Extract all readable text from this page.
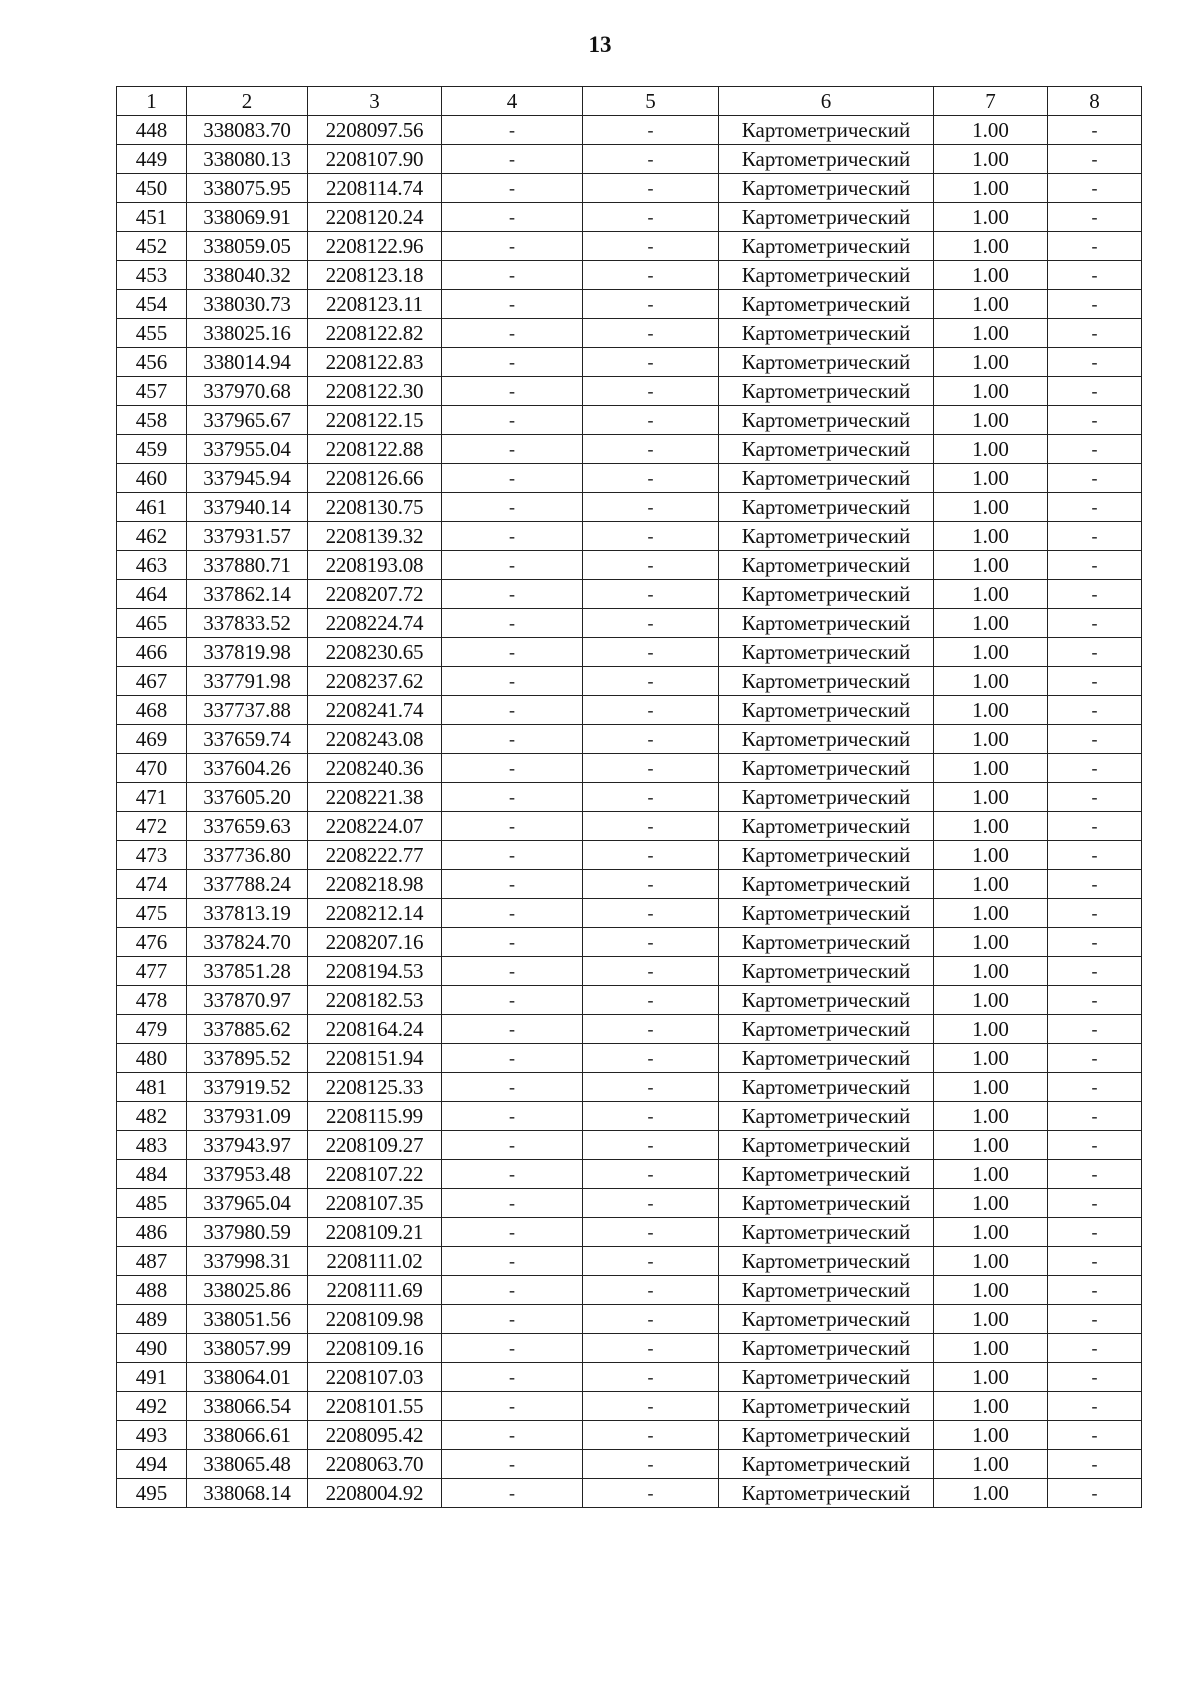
13
1	2	3	4	5	6	7	8
448	338083.70	2208097.56	-	-	Картометрический	1.00	-
449	338080.13	2208107.90	-	-	Картометрический	1.00	-
450	338075.95	2208114.74	-	-	Картометрический	1.00	-
451	338069.91	2208120.24	-	-	Картометрический	1.00	-
452	338059.05	2208122.96	-	-	Картометрический	1.00	-
453	338040.32	2208123.18	-	-	Картометрический	1.00	-
454	338030.73	2208123.11	-	-	Картометрический	1.00	-
455	338025.16	2208122.82	-	-	Картометрический	1.00	-
456	338014.94	2208122.83	-	-	Картометрический	1.00	-
457	337970.68	2208122.30	-	-	Картометрический	1.00	-
458	337965.67	2208122.15	-	-	Картометрический	1.00	-
459	337955.04	2208122.88	-	-	Картометрический	1.00	-
460	337945.94	2208126.66	-	-	Картометрический	1.00	-
461	337940.14	2208130.75	-	-	Картометрический	1.00	-
462	337931.57	2208139.32	-	-	Картометрический	1.00	-
463	337880.71	2208193.08	-	-	Картометрический	1.00	-
464	337862.14	2208207.72	-	-	Картометрический	1.00	-
465	337833.52	2208224.74	-	-	Картометрический	1.00	-
466	337819.98	2208230.65	-	-	Картометрический	1.00	-
467	337791.98	2208237.62	-	-	Картометрический	1.00	-
468	337737.88	2208241.74	-	-	Картометрический	1.00	-
469	337659.74	2208243.08	-	-	Картометрический	1.00	-
470	337604.26	2208240.36	-	-	Картометрический	1.00	-
471	337605.20	2208221.38	-	-	Картометрический	1.00	-
472	337659.63	2208224.07	-	-	Картометрический	1.00	-
473	337736.80	2208222.77	-	-	Картометрический	1.00	-
474	337788.24	2208218.98	-	-	Картометрический	1.00	-
475	337813.19	2208212.14	-	-	Картометрический	1.00	-
476	337824.70	2208207.16	-	-	Картометрический	1.00	-
477	337851.28	2208194.53	-	-	Картометрический	1.00	-
478	337870.97	2208182.53	-	-	Картометрический	1.00	-
479	337885.62	2208164.24	-	-	Картометрический	1.00	-
480	337895.52	2208151.94	-	-	Картометрический	1.00	-
481	337919.52	2208125.33	-	-	Картометрический	1.00	-
482	337931.09	2208115.99	-	-	Картометрический	1.00	-
483	337943.97	2208109.27	-	-	Картометрический	1.00	-
484	337953.48	2208107.22	-	-	Картометрический	1.00	-
485	337965.04	2208107.35	-	-	Картометрический	1.00	-
486	337980.59	2208109.21	-	-	Картометрический	1.00	-
487	337998.31	2208111.02	-	-	Картометрический	1.00	-
488	338025.86	2208111.69	-	-	Картометрический	1.00	-
489	338051.56	2208109.98	-	-	Картометрический	1.00	-
490	338057.99	2208109.16	-	-	Картометрический	1.00	-
491	338064.01	2208107.03	-	-	Картометрический	1.00	-
492	338066.54	2208101.55	-	-	Картометрический	1.00	-
493	338066.61	2208095.42	-	-	Картометрический	1.00	-
494	338065.48	2208063.70	-	-	Картометрический	1.00	-
495	338068.14	2208004.92	-	-	Картометрический	1.00	-
